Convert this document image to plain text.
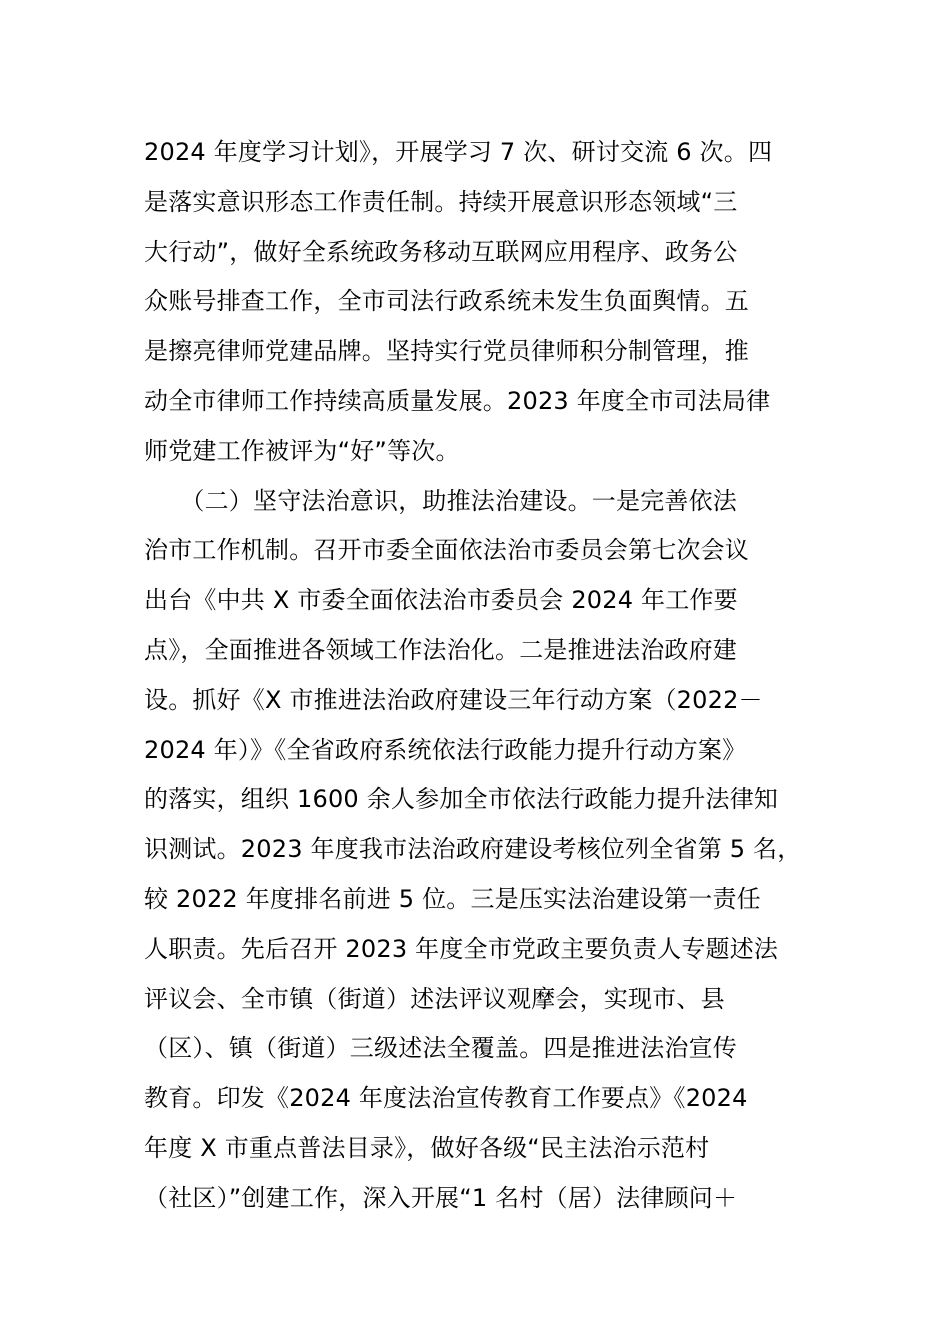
2024 年度学习计划》，开展学习 7 次、研讨交流 6 次。四
是落实意识形态工作责任制。持续开展意识形态领域“三
大行动”，做好全系统政务移动互联网应用程序、政务公
众账号排查工作，全市司法行政系统未发生负面舆情。五
是擦亮律师党建品牌。坚持实行党员律师积分制管理，推
动全市律师工作持续高质量发展。2023 年度全市司法局律
师党建工作被评为“好”等次。
　　（二）坚守法治意识，助推法治建设。一是完善依法
治市工作机制。召开市委全面依法治市委员会第七次会议
出台《中共 X 市委全面依法治市委员会 2024 年工作要
点》，全面推进各领域工作法治化。二是推进法治政府建
设。抓好《X 市推进法治政府建设三年行动方案（2022－
2024 年）》《全省政府系统依法行政能力提升行动方案》
的落实，组织 1600 余人参加全市依法行政能力提升法律知
识测试。2023 年度我市法治政府建设考核位列全省第 5 名，
较 2022 年度排名前进 5 位。三是压实法治建设第一责任
人职责。先后召开 2023 年度全市党政主要负责人专题述法
评议会、全市镇（街道）述法评议观摩会，实现市、县
（区）、镇（街道）三级述法全覆盖。四是推进法治宣传
教育。印发《2024 年度法治宣传教育工作要点》《2024
年度 X 市重点普法目录》，做好各级“民主法治示范村
（社区）”创建工作，深入开展“1 名村（居）法律顾问＋
